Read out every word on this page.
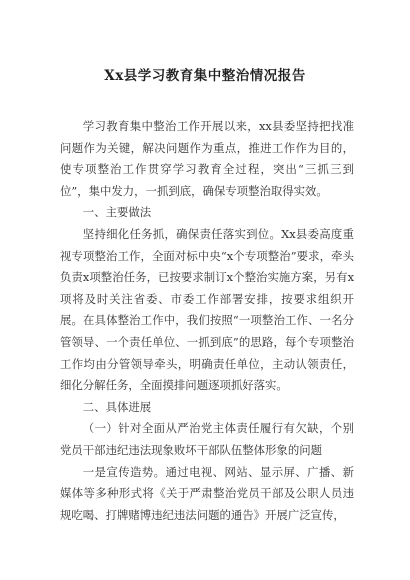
Xx县学习教育集中整治情况报告

学习教育集中整治工作开展以来，xx县委坚持把找准问题作为关键，解决问题作为重点，推进工作作为目的，使专项整治工作贯穿学习教育全过程，突出“三抓三到位”，集中发力，一抓到底，确保专项整治取得实效。

一、主要做法

坚持细化任务抓，确保责任落实到位。Xx县委高度重视专项整治工作，全面对标中央“x个专项整治”要求，牵头负责x项整治任务，已按要求制订x个整治实施方案，另有x项将及时关注省委、市委工作部署安排，按要求组织开展。在具体整治工作中，我们按照“一项整治工作、一名分管领导、一个责任单位、一抓到底”的思路，每个专项整治工作均由分管领导牵头，明确责任单位，主动认领责任，细化分解任务，全面摸排问题逐项抓好落实。

二、具体进展

（一）针对全面从严治党主体责任履行有欠缺，个别党员干部违纪违法现象败坏干部队伍整体形象的问题

一是宣传造势。通过电视、网站、显示屏、广播、新媒体等多种形式将《关于严肃整治党员干部及公职人员违规吃喝、打牌赌博违纪违法问题的通告》开展广泛宣传，
